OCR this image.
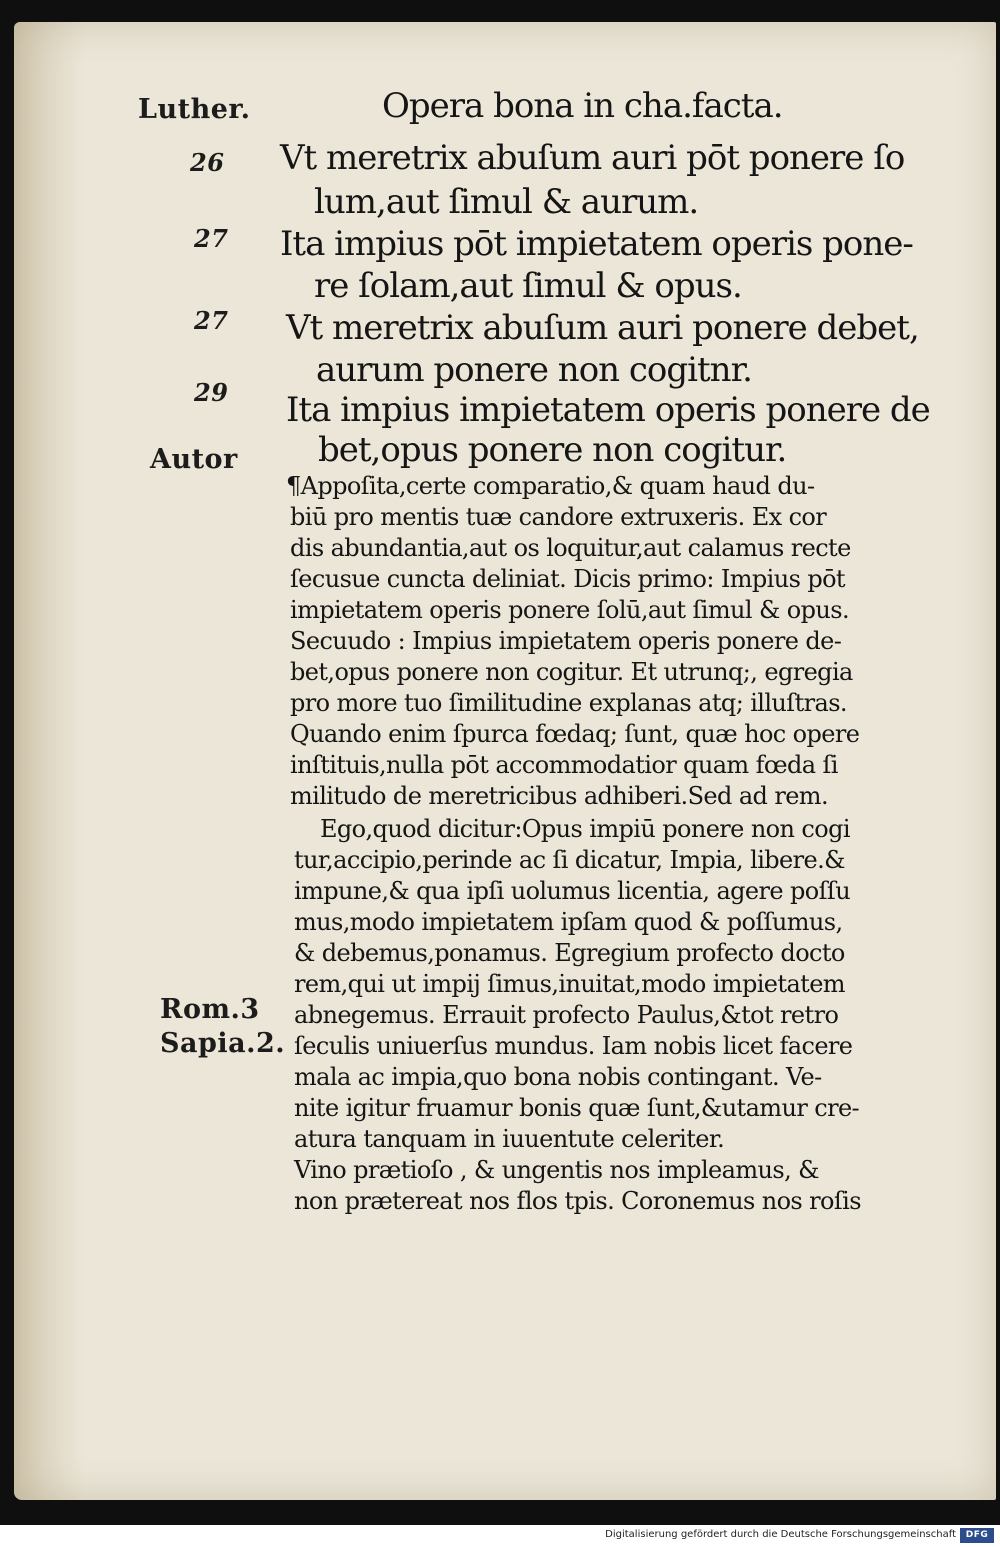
Luther.
26
27
27
29
Autor
Rom.3
Sapia.2.
Opera bona in cha.facta.
Vt meretrix abuſum auri pōt ponere ſo
lum,aut ſimul & aurum.
Ita impius pōt impietatem operis pone-
re ſolam,aut ſimul & opus.
Vt meretrix abuſum auri ponere debet,
aurum ponere non cogitnr.
Ita impius impietatem operis ponere de
bet,opus ponere non cogitur.
¶Appoſita,certe comparatio,& quam haud du-
biū pro mentis tuæ candore extruxeris. Ex cor
dis abundantia,aut os loquitur,aut calamus recte
ſecusue cuncta deliniat. Dicis primo: Impius pōt
impietatem operis ponere ſolū,aut ſimul & opus.
Secuudo : Impius impietatem operis ponere de-
bet,opus ponere non cogitur. Et utrunq;, egregia
pro more tuo ſimilitudine explanas atq; illuſtras.
Quando enim ſpurca fœdaq; ſunt, quæ hoc opere
inſtituis,nulla pōt accommodatior quam fœda ſi
militudo de meretricibus adhiberi.Sed ad rem.
Ego,quod dicitur:Opus impiū ponere non cogi
tur,accipio,perinde ac ſi dicatur, Impia, libere.&
impune,& qua ipſi uolumus licentia, agere poſſu
mus,modo impietatem ipſam quod & poſſumus,
& debemus,ponamus. Egregium profecto docto
rem,qui ut impij ſimus,inuitat,modo impietatem
abnegemus. Errauit profecto Paulus,&tot retro
ſeculis uniuerſus mundus. Iam nobis licet facere
mala ac impia,quo bona nobis contingant. Ve-
nite igitur fruamur bonis quæ ſunt,&utamur cre-
atura tanquam in iuuentute celeriter.
Vino prætioſo , & ungentis nos impleamus, &
non prætereat nos flos tpis. Coronemus nos roſis
Digitalisierung gefördert durch die Deutsche Forschungsgemeinschaft	DFG
